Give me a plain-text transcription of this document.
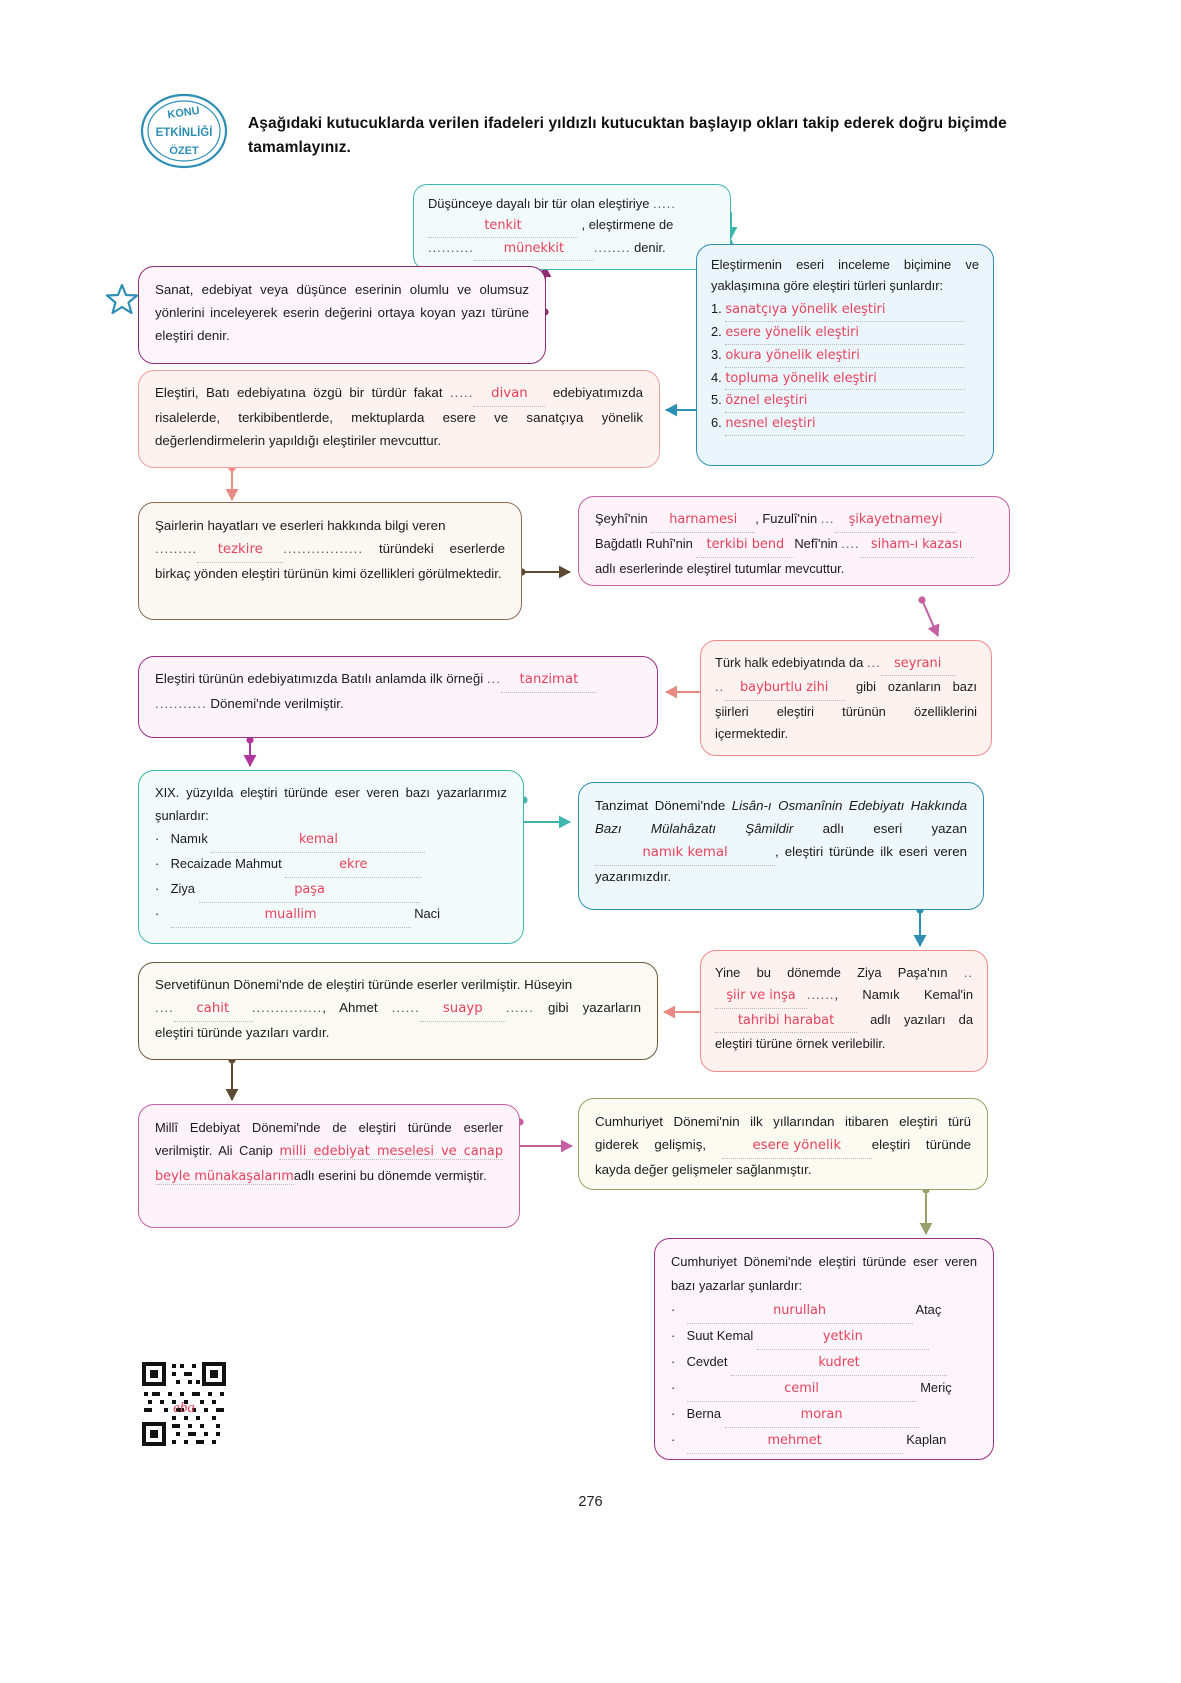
KONU
ETKİNLİĞİ
ÖZET
Aşağıdaki kutucuklarda verilen ifadeleri yıldızlı kutucuktan başlayıp okları takip ederek doğru biçimde tamamlayınız.
Düşünceye dayalı bir tür olan eleştiriye .....
tenkit	, eleştirmene de
.......... münekkit ........ denir.
Sanat, edebiyat veya düşünce eserinin olumlu ve olumsuz yönlerini inceleyerek eserin değerini ortaya koyan yazı türüne eleştiri denir.
Eleştirmenin eseri inceleme biçimine ve yaklaşımına göre eleştiri türleri şunlardır:
1. sanatçıya yönelik eleştiri
2. esere yönelik eleştiri
3. okura yönelik eleştiri
4. topluma yönelik eleştiri
5. öznel eleştiri
6. nesnel eleştiri
Eleştiri, Batı edebiyatına özgü bir türdür fakat ..... divan edebiyatımızda risalelerde, terkibibentlerde, mektuplarda esere ve sanatçıya yönelik değerlendirmelerin yapıldığı eleştiriler mevcuttur.
Şairlerin hayatları ve eserleri hakkında bilgi veren
......... tezkire ................. türündeki eserlerde birkaç yönden eleştiri türünün kimi özellikleri görülmektedir.
Şeyhî'nin harnamesi , Fuzulî'nin ... şikayetnameyi
Bağdatlı Ruhî'nin terkibi bend Nefî'nin .... siham-ı kazası
adlı eserlerinde eleştirel tutumlar mevcuttur.
Türk halk edebiyatında da ... seyrani
.. bayburtlu zihi gibi ozanların bazı şiirleri eleştiri türünün özelliklerini içermektedir.
Eleştiri türünün edebiyatımızda Batılı anlamda ilk örneği ... tanzimat
........... Dönemi'nde verilmiştir.
XIX. yüzyılda eleştiri türünde eser veren bazı yazarlarımız şunlardır:
· Namık	kemal
· Recaizade Mahmut	ekre
· Ziya	paşa
·	muallim	Naci
Tanzimat Dönemi'nde Lisân-ı Osmanînin Edebiyatı Hakkında Bazı Mülahâzatı Şâmildir adlı eseri yazan namık kemal	, eleştiri türünde ilk eseri veren yazarımızdır.
Yine bu dönemde Ziya Paşa'nın ..şiir ve inşa ......, Namık Kemal'in tahribi harabat	adlı yazıları da eleştiri türüne örnek verilebilir.
Servetifünun Dönemi'nde de eleştiri türünde eserler verilmiştir. Hüseyin
.... cahit ..............., Ahmet ...... suayp ...... gibi yazarların eleştiri türünde yazıları vardır.
Millî Edebiyat Dönemi'nde de eleştiri türünde eserler verilmiştir. Ali Canip milli edebiyat meselesi ve canap beyle münakaşalarımadlı eserini bu dönemde vermiştir.
Cumhuriyet Dönemi'nin ilk yıllarından itibaren eleştiri türü giderek gelişmiş,	esere yönelik eleştiri türünde kayda değer gelişmeler sağlanmıştır.
Cumhuriyet Dönemi'nde eleştiri türünde eser veren bazı yazarlar şunlardır:
·	nurullah	Ataç
· Suut Kemal	yetkin
· Cevdet	kudret
·	cemil	Meriç
· Berna	moran
·	mehmet	Kaplan
eba
276
